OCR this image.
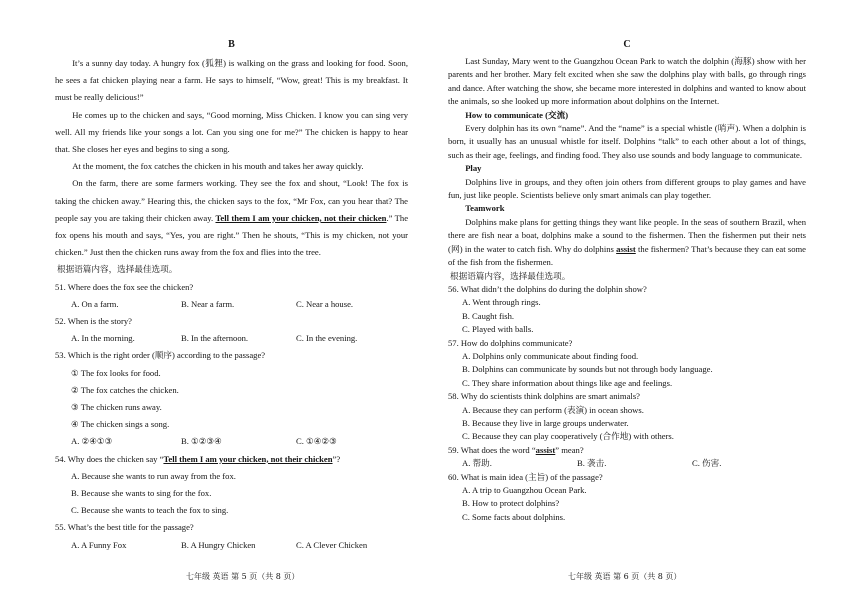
B

It’s a sunny day today. A hungry fox (狐狸) is walking on the grass and looking for food. Soon, he sees a fat chicken playing near a farm. He says to himself, “Wow, great! This is my breakfast. It must be really delicious!”

He comes up to the chicken and says, “Good morning, Miss Chicken. I know you can sing very well. All my friends like your songs a lot. Can you sing one for me?” The chicken is happy to hear that. She closes her eyes and begins to sing a song.

At the moment, the fox catches the chicken in his mouth and takes her away quickly.

On the farm, there are some farmers working. They see the fox and shout, “Look! The fox is taking the chicken away.” Hearing this, the chicken says to the fox, “Mr Fox, can you hear that? The people say you are taking their chicken away. Tell them I am your chicken, not their chicken.” The fox opens his mouth and says, “Yes, you are right.” Then he shouts, “This is my chicken, not your chicken.” Just then the chicken runs away from the fox and flies into the tree.

根据语篇内容，选择最佳选项。

51. Where does the fox see the chicken?
A. On a farm.	B. Near a farm.	C. Near a house.
52. When is the story?
A. In the morning.	B. In the afternoon.	C. In the evening.
53. Which is the right order (顺序) according to the passage?
① The fox looks for food.
② The fox catches the chicken.
③ The chicken runs away.
④ The chicken sings a song.
A. ②④①③	B. ①②③④	C. ①④②③
54. Why does the chicken say “Tell them I am your chicken, not their chicken”?
A. Because she wants to run away from the fox.
B. Because she wants to sing for the fox.
C. Because she wants to teach the fox to sing.
55. What’s the best title for the passage?
A. A Funny Fox	B. A Hungry Chicken	C. A Clever Chicken
C

Last Sunday, Mary went to the Guangzhou Ocean Park to watch the dolphin (海豚) show with her parents and her brother. Mary felt excited when she saw the dolphins play with balls, go through rings and dance. After watching the show, she became more interested in dolphins and wanted to know about the animals, so she looked up more information about dolphins on the Internet.

How to communicate (交流)

Every dolphin has its own “name”. And the “name” is a special whistle (哨声). When a dolphin is born, it usually has an unusual whistle for itself. Dolphins “talk” to each other about a lot of things, such as their age, feelings, and finding food. They also use sounds and body language to communicate.

Play

Dolphins live in groups, and they often join others from different groups to play games and have fun, just like people. Scientists believe only smart animals can play together.

Teamwork

Dolphins make plans for getting things they want like people. In the seas of southern Brazil, when there are fish near a boat, dolphins make a sound to the fishermen. Then the fishermen put their nets (网) in the water to catch fish. Why do dolphins assist the fishermen? That’s because they can eat some of the fish from the fishermen.

根据语篇内容，选择最佳选项。

56. What didn’t the dolphins do during the dolphin show?
A. Went through rings.
B. Caught fish.
C. Played with balls.
57. How do dolphins communicate?
A. Dolphins only communicate about finding food.
B. Dolphins can communicate by sounds but not through body language.
C. They share information about things like age and feelings.
58. Why do scientists think dolphins are smart animals?
A. Because they can perform (表演) in ocean shows.
B. Because they live in large groups underwater.
C. Because they can play cooperatively (合作地) with others.
59. What does the word “assist” mean?
A. 帮助.	B. 袭击.	C. 伤害.
60. What is main idea (主旨) of the passage?
A. A trip to Guangzhou Ocean Park.
B. How to protect dolphins?
C. Some facts about dolphins.
七年级 英语 第 5 页（共 8 页）	七年级 英语 第 6 页（共 8 页）
